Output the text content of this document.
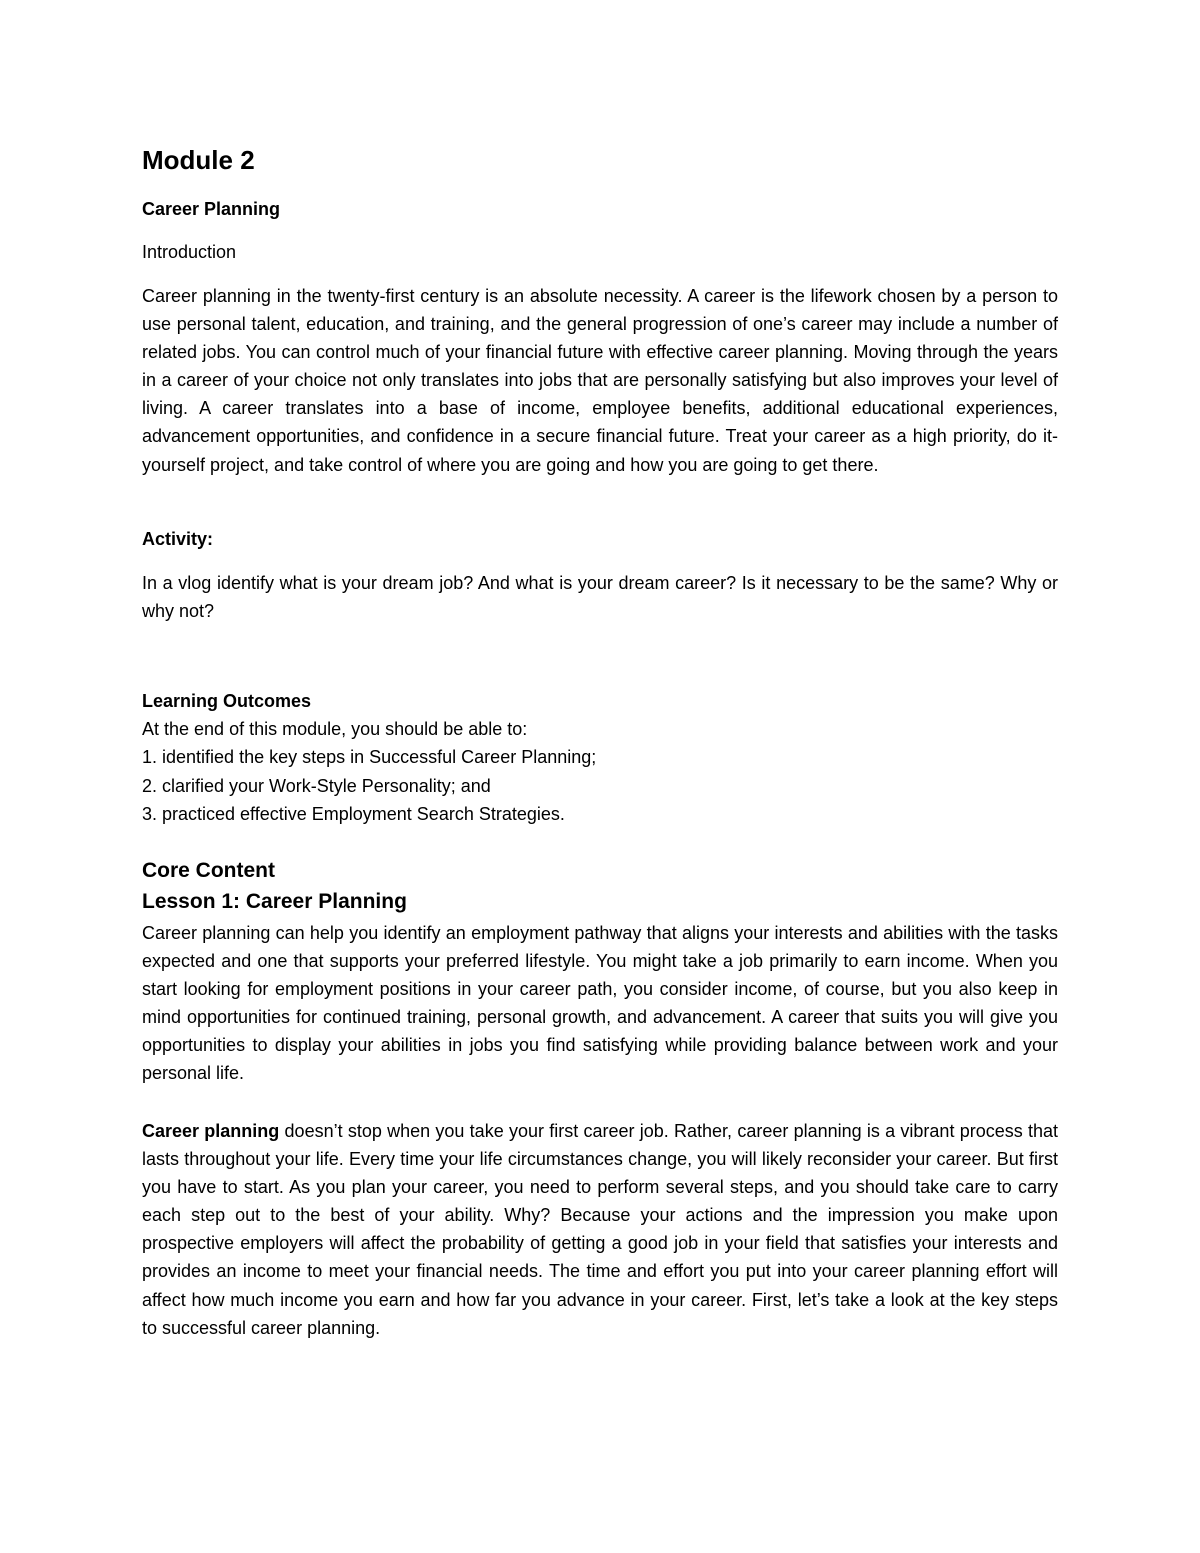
Module 2
Career Planning
Introduction

Career planning in the twenty-first century is an absolute necessity. A career is the lifework chosen by a person to use personal talent, education, and training, and the general progression of one’s career may include a number of related jobs. You can control much of your financial future with effective career planning. Moving through the years in a career of your choice not only translates into jobs that are personally satisfying but also improves your level of living. A career translates into a base of income, employee benefits, additional educational experiences, advancement opportunities, and confidence in a secure financial future. Treat your career as a high priority, do it-yourself project, and take control of where you are going and how you are going to get there.

Activity:

In a vlog identify what is your dream job? And what is your dream career? Is it necessary to be the same? Why or why not?

Learning Outcomes
At the end of this module, you should be able to:
1. identified the key steps in Successful Career Planning;
2. clarified your Work-Style Personality; and
3. practiced effective Employment Search Strategies.
Core Content
Lesson 1: Career Planning

Career planning can help you identify an employment pathway that aligns your interests and abilities with the tasks expected and one that supports your preferred lifestyle. You might take a job primarily to earn income. When you start looking for employment positions in your career path, you consider income, of course, but you also keep in mind opportunities for continued training, personal growth, and advancement. A career that suits you will give you opportunities to display your abilities in jobs you find satisfying while providing balance between work and your personal life.

Career planning doesn’t stop when you take your first career job. Rather, career planning is a vibrant process that lasts throughout your life. Every time your life circumstances change, you will likely reconsider your career. But first you have to start. As you plan your career, you need to perform several steps, and you should take care to carry each step out to the best of your ability. Why? Because your actions and the impression you make upon prospective employers will affect the probability of getting a good job in your field that satisfies your interests and provides an income to meet your financial needs. The time and effort you put into your career planning effort will affect how much income you earn and how far you advance in your career. First, let’s take a look at the key steps to successful career planning.
